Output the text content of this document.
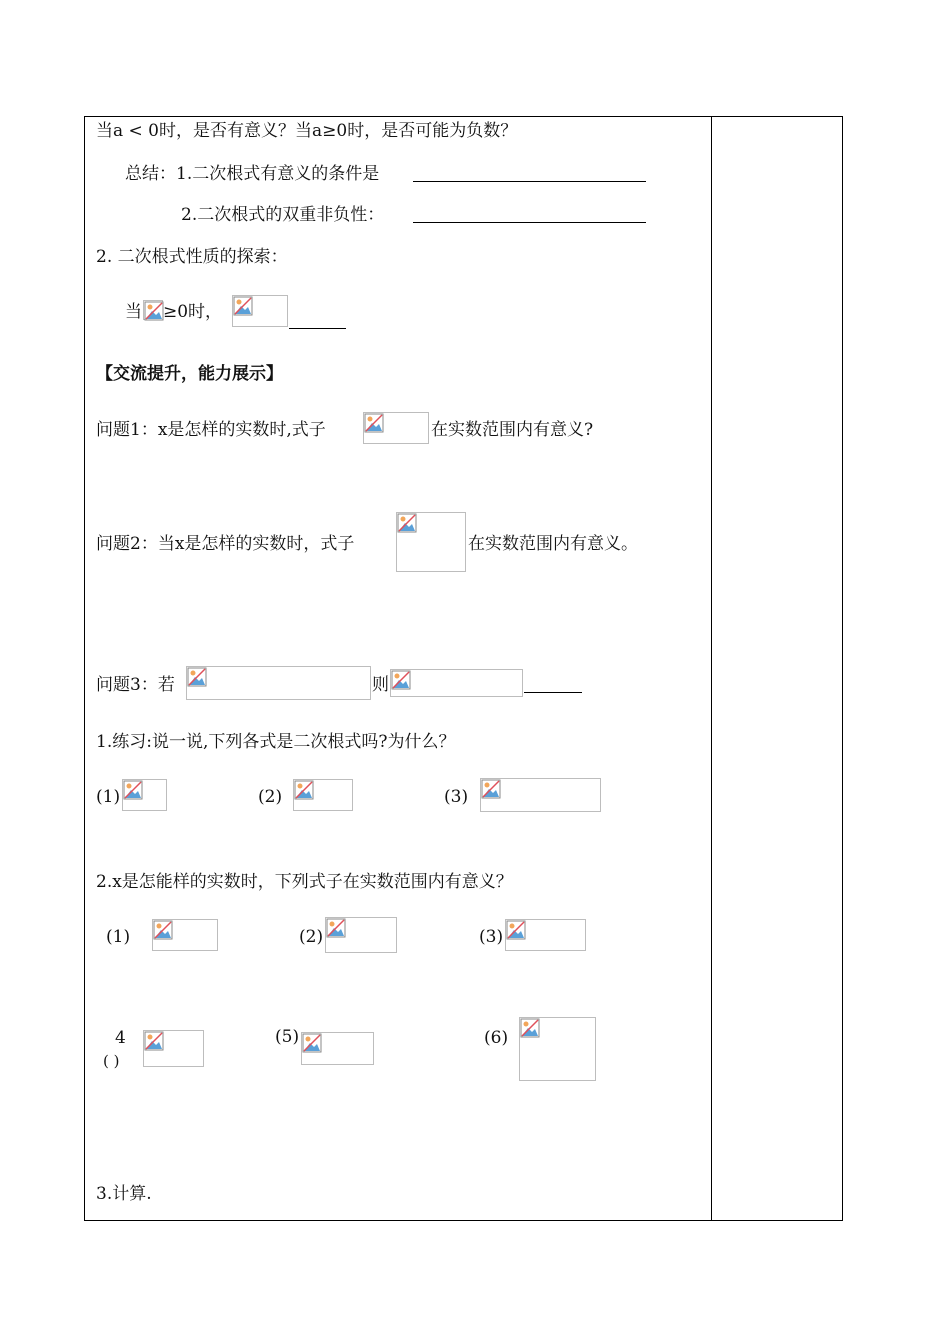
当a < 0时，是否有意义？当a≥0时，是否可能为负数？
总结：1.二次根式有意义的条件是
2.二次根式的双重非负性：
2. 二次根式性质的探索：
当 ≥0时，
【交流提升，能力展示】
问题1：x是怎样的实数时,式子	在实数范围内有意义?
问题2：当x是怎样的实数时，式子	在实数范围内有意义。
问题3：若	则
1.练习:说一说,下列各式是二次根式吗?为什么？
(1)	(2)	(3)
2.x是怎能样的实数时，下列式子在实数范围内有意义？
(1)	(2)	(3)
4
( )
(5)	(6)
3.计算.
